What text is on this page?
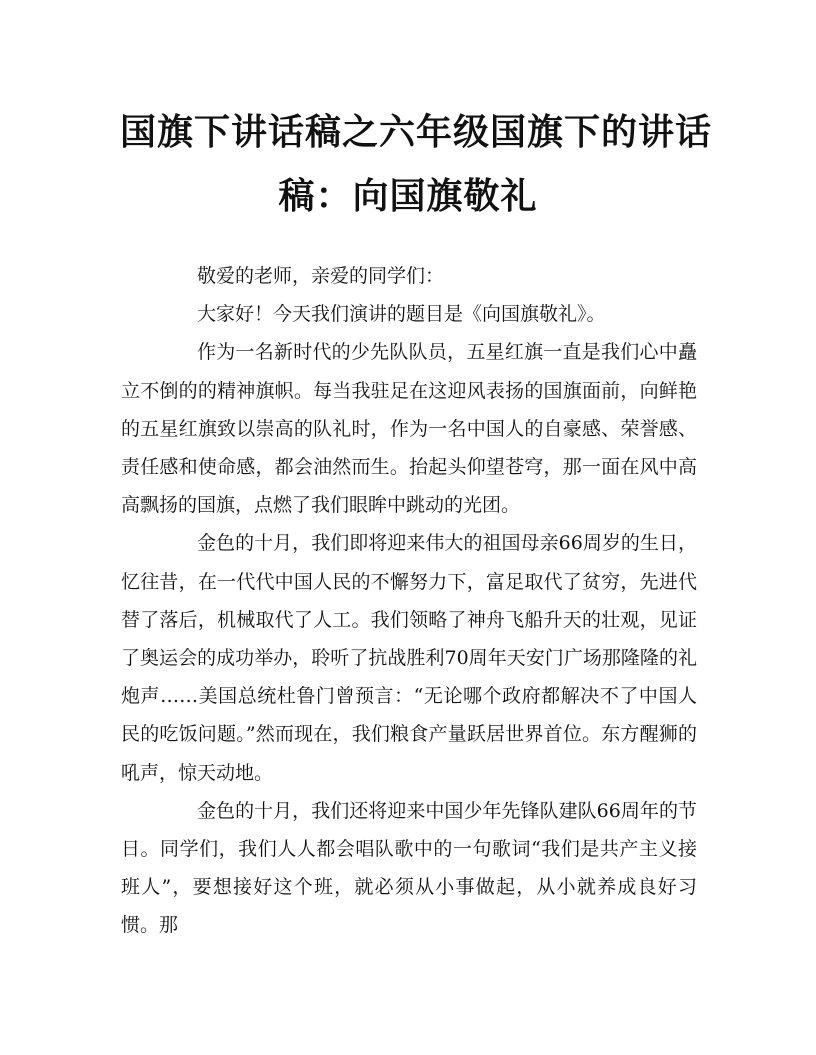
国旗下讲话稿之六年级国旗下的讲话
稿：向国旗敬礼

敬爱的老师，亲爱的同学们：

大家好！今天我们演讲的题目是《向国旗敬礼》。

作为一名新时代的少先队队员，五星红旗一直是我们心中矗立不倒的的精神旗帜。每当我驻足在这迎风表扬的国旗面前，向鲜艳的五星红旗致以崇高的队礼时，作为一名中国人的自豪感、荣誉感、责任感和使命感，都会油然而生。抬起头仰望苍穹，那一面在风中高高飘扬的国旗，点燃了我们眼眸中跳动的光团。

金色的十月，我们即将迎来伟大的祖国母亲66周岁的生日，忆往昔，在一代代中国人民的不懈努力下，富足取代了贫穷，先进代替了落后，机械取代了人工。我们领略了神舟飞船升天的壮观，见证了奥运会的成功举办，聆听了抗战胜利70周年天安门广场那隆隆的礼炮声……美国总统杜鲁门曾预言：“无论哪个政府都解决不了中国人民的吃饭问题。”然而现在，我们粮食产量跃居世界首位。东方醒狮的吼声，惊天动地。

金色的十月，我们还将迎来中国少年先锋队建队66周年的节日。同学们，我们人人都会唱队歌中的一句歌词“我们是共产主义接班人”，要想接好这个班，就必须从小事做起，从小就养成良好习惯。那
